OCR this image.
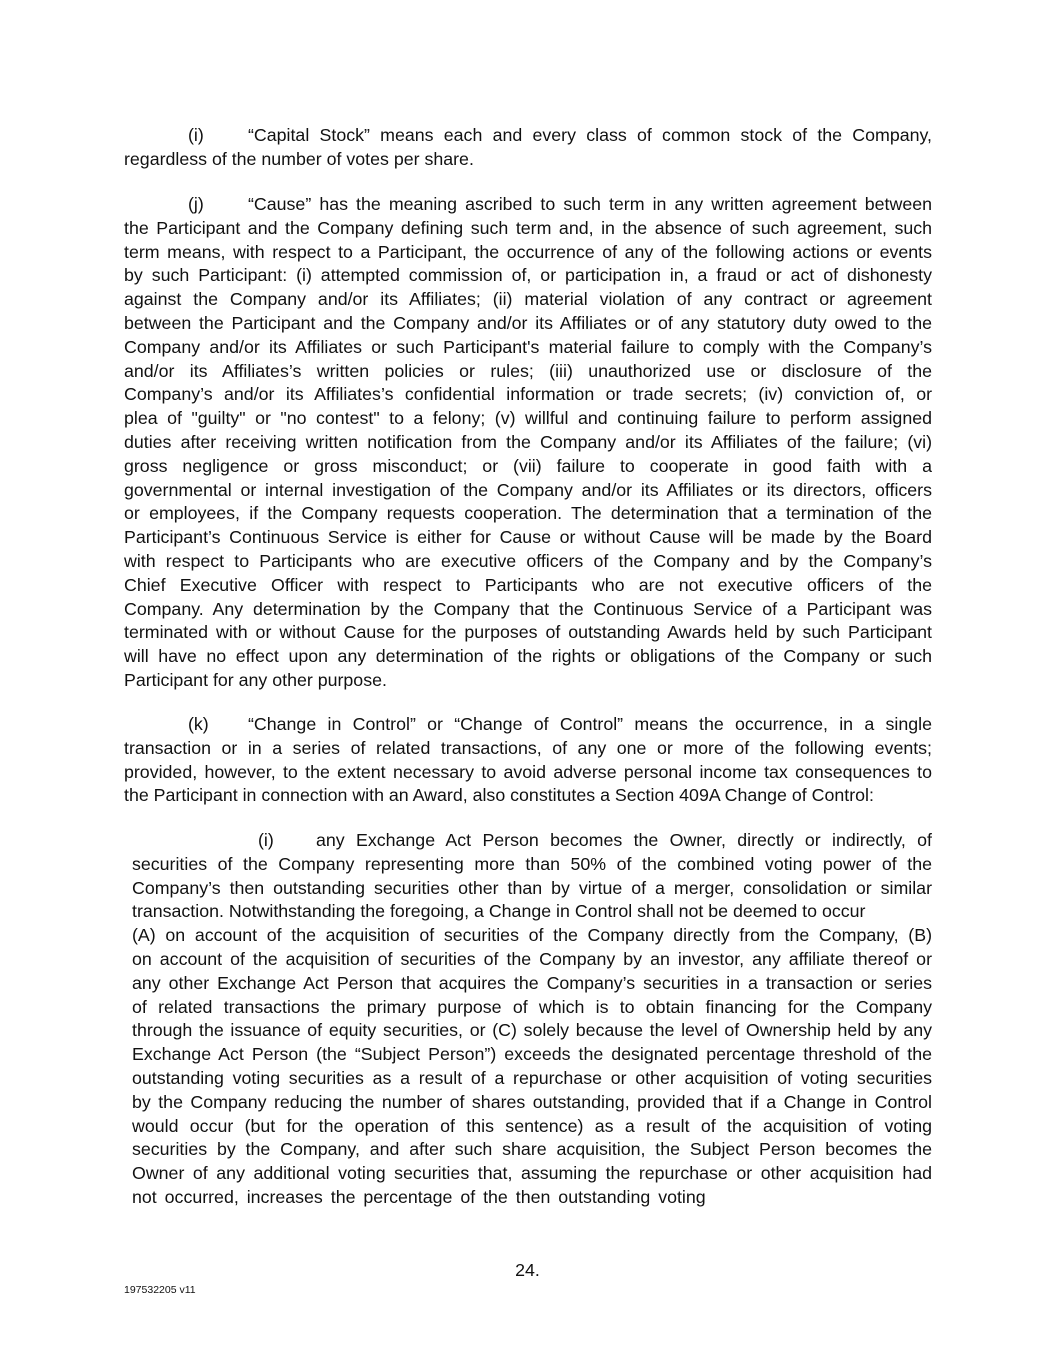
(i)	“Capital Stock” means each and every class of common stock of the Company,
regardless of the number of votes per share.
(j)	“Cause” has the meaning ascribed to such term in any written agreement between
the Participant and the Company defining such term and, in the absence of such agreement, such
term means, with respect to a Participant, the occurrence of any of the following actions or events
by such Participant: (i) attempted commission of, or participation in, a fraud or act of dishonesty
against the Company and/or its Affiliates; (ii) material violation of any contract or agreement
between the Participant and the Company and/or its Affiliates or of any statutory duty owed to the
Company and/or its Affiliates or such Participant's material failure to comply with the Company’s
and/or its Affiliates’s written policies or rules; (iii) unauthorized use or disclosure of the
Company’s and/or its Affiliates’s confidential information or trade secrets; (iv) conviction of, or
plea of "guilty" or "no contest" to a felony; (v) willful and continuing failure to perform assigned
duties after receiving written notification from the Company and/or its Affiliates of the failure; (vi)
gross negligence or gross misconduct; or (vii) failure to cooperate in good faith with a
governmental or internal investigation of the Company and/or its Affiliates or its directors, officers
or employees, if the Company requests cooperation. The determination that a termination of the
Participant’s Continuous Service is either for Cause or without Cause will be made by the Board
with respect to Participants who are executive officers of the Company and by the Company’s
Chief Executive Officer with respect to Participants who are not executive officers of the
Company. Any determination by the Company that the Continuous Service of a Participant was
terminated with or without Cause for the purposes of outstanding Awards held by such Participant
will have no effect upon any determination of the rights or obligations of the Company or such
Participant for any other purpose.
(k)	“Change in Control” or “Change of Control” means the occurrence, in a single
transaction or in a series of related transactions, of any one or more of the following events;
provided, however, to the extent necessary to avoid adverse personal income tax consequences to
the Participant in connection with an Award, also constitutes a Section 409A Change of Control:
(i)	any Exchange Act Person becomes the Owner, directly or indirectly, of
securities of the Company representing more than 50% of the combined voting power of the
Company’s then outstanding securities other than by virtue of a merger, consolidation or similar
transaction. Notwithstanding the foregoing, a Change in Control shall not be deemed to occur
(A) on account of the acquisition of securities of the Company directly from the Company, (B)
on account of the acquisition of securities of the Company by an investor, any affiliate thereof or
any other Exchange Act Person that acquires the Company’s securities in a transaction or series
of related transactions the primary purpose of which is to obtain financing for the Company
through the issuance of equity securities, or (C) solely because the level of Ownership held by any
Exchange Act Person (the “Subject Person”) exceeds the designated percentage threshold of the
outstanding voting securities as a result of a repurchase or other acquisition of voting securities
by the Company reducing the number of shares outstanding, provided that if a Change in Control
would occur (but for the operation of this sentence) as a result of the acquisition of voting
securities by the Company, and after such share acquisition, the Subject Person becomes the
Owner of any additional voting securities that, assuming the repurchase or other acquisition had
not occurred, increases the percentage of the then outstanding voting
24.
197532205 v11
